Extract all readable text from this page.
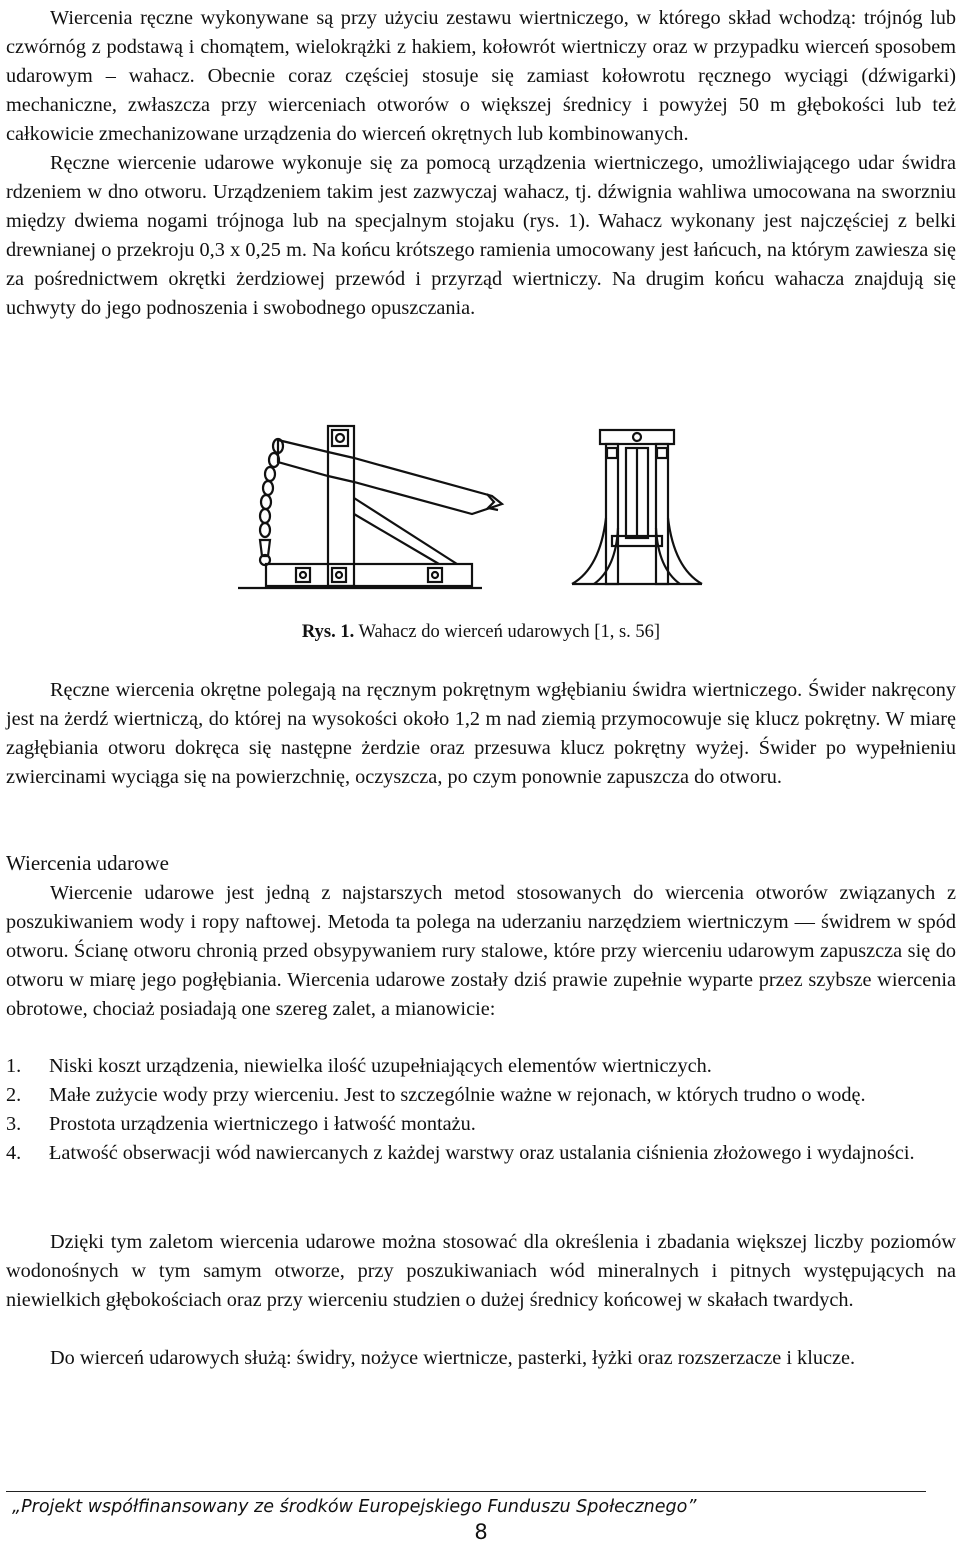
Wiercenia ręczne wykonywane są przy użyciu zestawu wiertniczego, w którego skład wchodzą: trójnóg lub czwórnóg z podstawą i chomątem, wielokrążki z hakiem, kołowrót wiertniczy oraz w przypadku wierceń sposobem udarowym – wahacz. Obecnie coraz częściej stosuje się zamiast kołowrotu ręcznego wyciągi (dźwigarki) mechaniczne, zwłaszcza przy wierceniach otworów o większej średnicy i powyżej 50 m głębokości lub też całkowicie zmechanizowane urządzenia do wierceń okrętnych lub kombinowanych.

Ręczne wiercenie udarowe wykonuje się za pomocą urządzenia wiertniczego, umożliwiającego udar świdra rdzeniem w dno otworu. Urządzeniem takim jest zazwyczaj wahacz, tj. dźwignia wahliwa umocowana na sworzniu między dwiema nogami trójnoga lub na specjalnym stojaku (rys. 1). Wahacz wykonany jest najczęściej z belki drewnianej o przekroju 0,3 x 0,25 m. Na końcu krótszego ramienia umocowany jest łańcuch, na którym zawiesza się za pośrednictwem okrętki żerdziowej przewód i przyrząd wiertniczy. Na drugim końcu wahacza znajdują się uchwyty do jego podnoszenia i swobodnego opuszczania.

Rys. 1. Wahacz do wierceń udarowych [1, s. 56]

Ręczne wiercenia okrętne polegają na ręcznym pokrętnym wgłębianiu świdra wiertniczego. Świder nakręcony jest na żerdź wiertniczą, do której na wysokości około 1,2 m nad ziemią przymocowuje się klucz pokrętny. W miarę zagłębiania otworu dokręca się następne żerdzie oraz przesuwa klucz pokrętny wyżej. Świder po wypełnieniu zwiercinami wyciąga się na powierzchnię, oczyszcza, po czym ponownie zapuszcza do otworu.

Wiercenia udarowe

Wiercenie udarowe jest jedną z najstarszych metod stosowanych do wiercenia otworów związanych z poszukiwaniem wody i ropy naftowej. Metoda ta polega na uderzaniu narzędziem wiertniczym — świdrem w spód otworu. Ścianę otworu chronią przed obsypywaniem rury stalowe, które przy wierceniu udarowym zapuszcza się do otworu w miarę jego pogłębiania. Wiercenia udarowe zostały dziś prawie zupełnie wyparte przez szybsze wiercenia obrotowe, chociaż posiadają one szereg zalet, a mianowicie:

1.	Niski koszt urządzenia, niewielka ilość uzupełniających elementów wiertniczych.
2.	Małe zużycie wody przy wierceniu. Jest to szczególnie ważne w rejonach, w których trudno o wodę.
3.	Prostota urządzenia wiertniczego i łatwość montażu.
4.	Łatwość obserwacji wód nawiercanych z każdej warstwy oraz ustalania ciśnienia złożowego i wydajności.

Dzięki tym zaletom wiercenia udarowe można stosować dla określenia i zbadania większej liczby poziomów wodonośnych w tym samym otworze, przy poszukiwaniach wód mineralnych i pitnych występujących na niewielkich głębokościach oraz przy wierceniu studzien o dużej średnicy końcowej w skałach twardych.

Do wierceń udarowych służą: świdry, nożyce wiertnicze, pasterki, łyżki oraz rozszerzacze i klucze.

„Projekt współfinansowany ze środków Europejskiego Funduszu Społecznego”
8
